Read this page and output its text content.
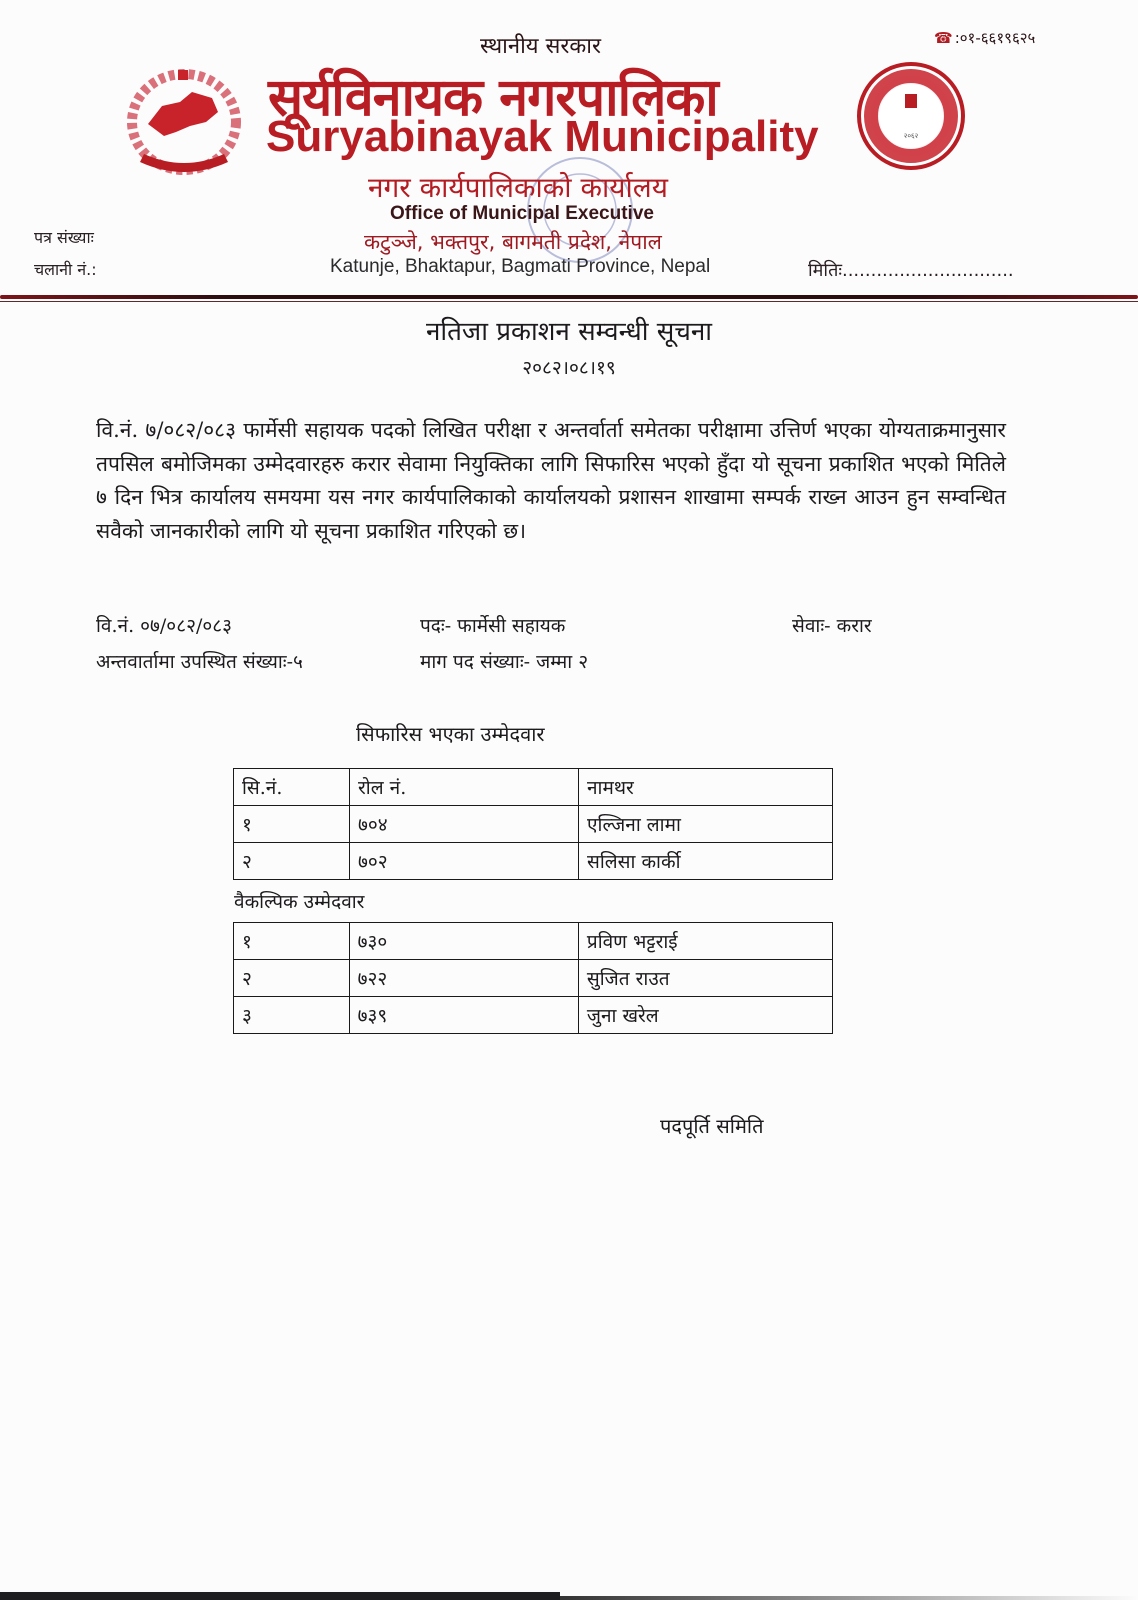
स्थानीय सरकार	☎ :०१-६६१९६२५
सूर्यविनायक नगरपालिका
Suryabinayak Municipality	२०६२
नगर कार्यपालिकाको कार्यालय
Office of Municipal Executive
कटुञ्जे, भक्तपुर, बागमती प्रदेश, नेपाल
Katunje, Bhaktapur, Bagmati Province, Nepal
पत्र संख्याः
चलानी नं.:	मितिः..............................
नतिजा प्रकाशन सम्वन्धी सूचना
२०८२।०८।१९
वि.नं. ७/०८२/०८३ फार्मेसी सहायक पदको लिखित परीक्षा र अन्तर्वार्ता समेतका परीक्षामा उत्तिर्ण भएका योग्यताक्रमानुसार तपसिल बमोजिमका उम्मेदवारहरु करार सेवामा नियुक्तिका लागि सिफारिस भएको हुँदा यो सूचना प्रकाशित भएको मितिले ७ दिन भित्र कार्यालय समयमा यस नगर कार्यपालिकाको कार्यालयको प्रशासन शाखामा सम्पर्क राख्न आउन हुन सम्वन्धित सवैको जानकारीको लागि यो सूचना प्रकाशित गरिएको छ।
वि.नं. ०७/०८२/०८३	पदः- फार्मेसी सहायक	सेवाः- करार
अन्तवार्तामा उपस्थित संख्याः-५	माग पद संख्याः- जम्मा २
सिफारिस भएका उम्मेदवार
सि.नं.	रोल नं.	नामथर
१	७०४	एल्जिना लामा
२	७०२	सलिसा कार्की
वैकल्पिक उम्मेदवार
१	७३०	प्रविण भट्टराई
२	७२२	सुजित राउत
३	७३९	जुना खरेल
पदपूर्ति समिति
